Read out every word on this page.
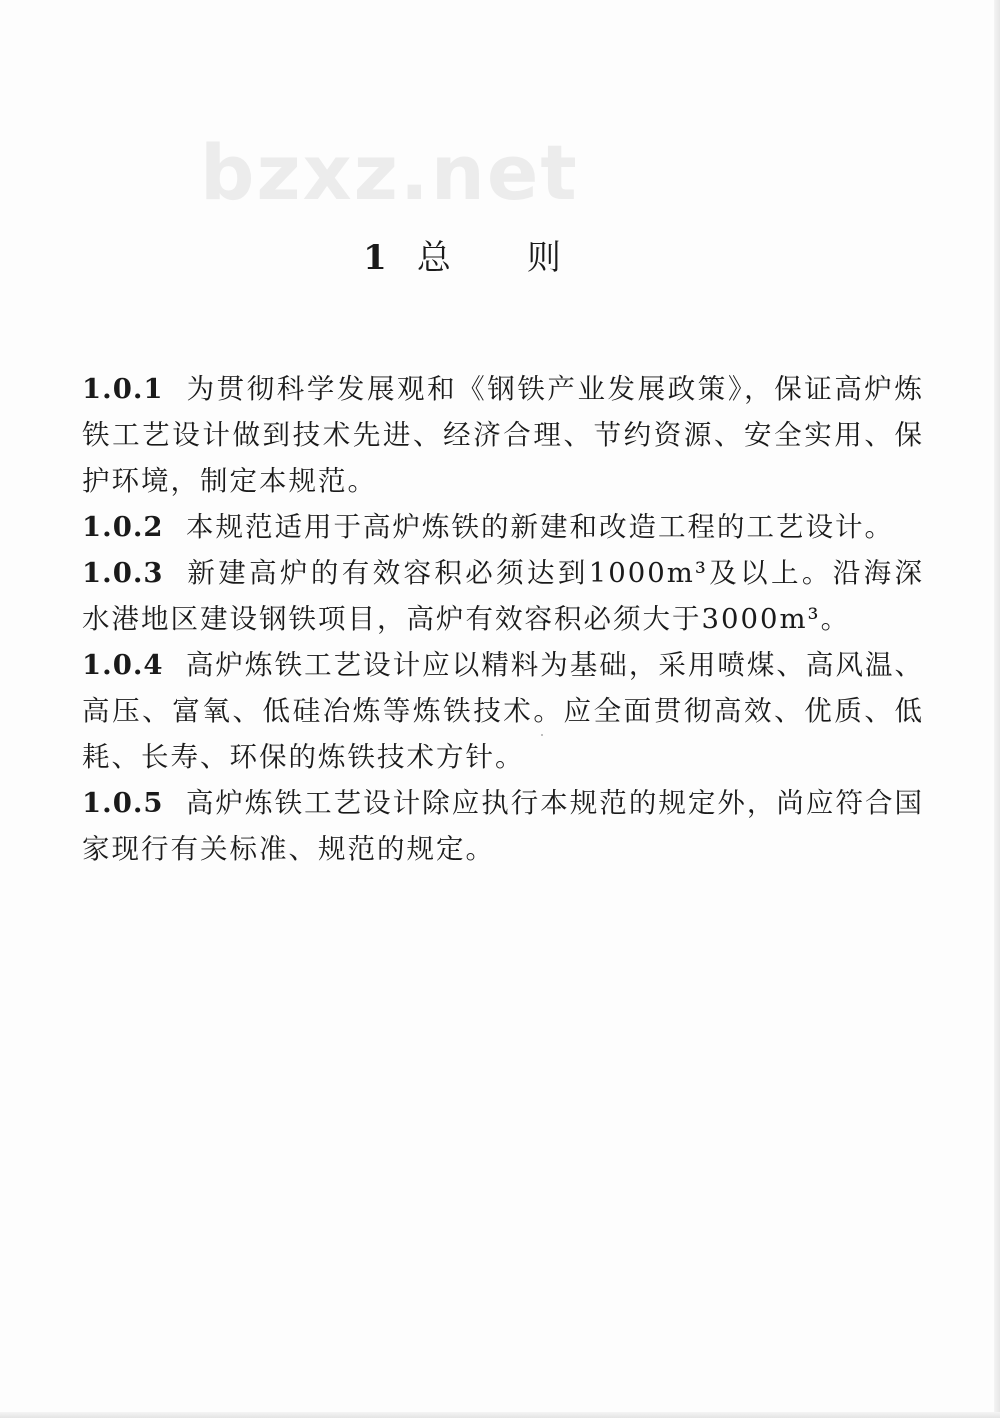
bzxz.net
1 总则

1.0.1 为贯彻科学发展观和《钢铁产业发展政策》，保证高炉炼铁工艺设计做到技术先进、经济合理、节约资源、安全实用、保护环境，制定本规范。

1.0.2 本规范适用于高炉炼铁的新建和改造工程的工艺设计。

1.0.3 新建高炉的有效容积必须达到1000m³及以上。沿海深水港地区建设钢铁项目，高炉有效容积必须大于3000m³。

1.0.4 高炉炼铁工艺设计应以精料为基础，采用喷煤、高风温、高压、富氧、低硅冶炼等炼铁技术。应全面贯彻高效、优质、低耗、长寿、环保的炼铁技术方针。

1.0.5 高炉炼铁工艺设计除应执行本规范的规定外，尚应符合国家现行有关标准、规范的规定。
